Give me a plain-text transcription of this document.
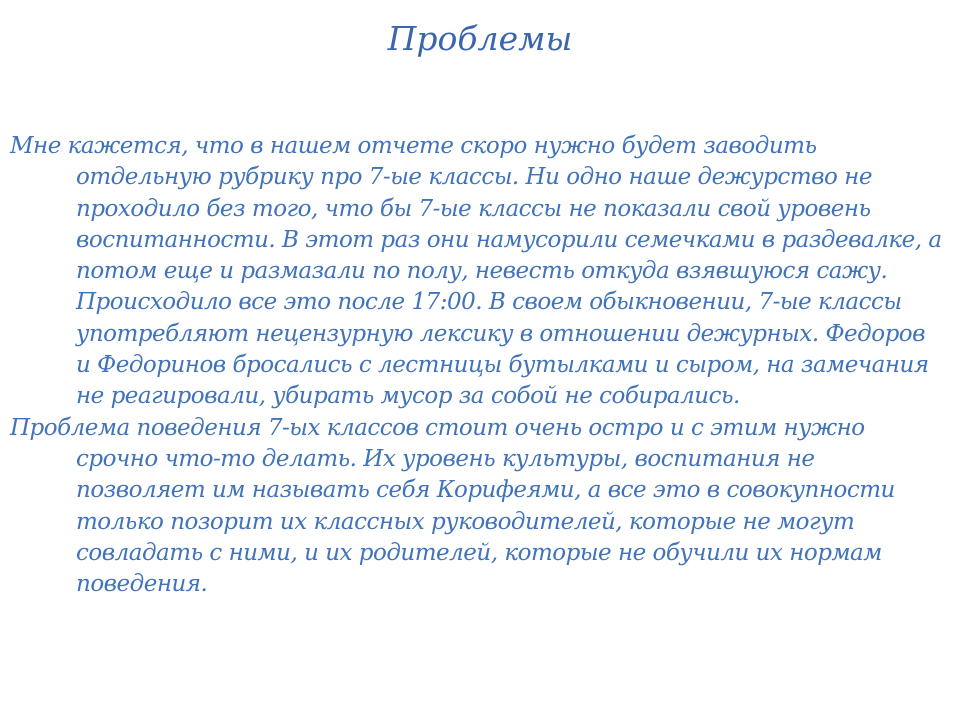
Проблемы

Мне кажется, что в нашем отчете скоро нужно будет заводить отдельную рубрику про 7-ые классы. Ни одно наше дежурство не проходило без того, что бы 7-ые классы не показали свой уровень воспитанности. В этот раз они намусорили семечками в раздевалке, а потом еще и размазали по полу, невесть откуда взявшуюся сажу. Происходило все это после 17:00. В своем обыкновении, 7-ые классы употребляют нецензурную лексику в отношении дежурных. Федоров и Федоринов бросались с лестницы бутылками и сыром, на замечания не реагировали, убирать мусор за собой не собирались.

Проблема поведения 7-ых классов стоит очень остро и с этим нужно срочно что-то делать. Их уровень культуры, воспитания не позволяет им называть себя Корифеями, а все это в совокупности только позорит их классных руководителей, которые не могут совладать с ними, и их родителей, которые не обучили их нормам поведения.
